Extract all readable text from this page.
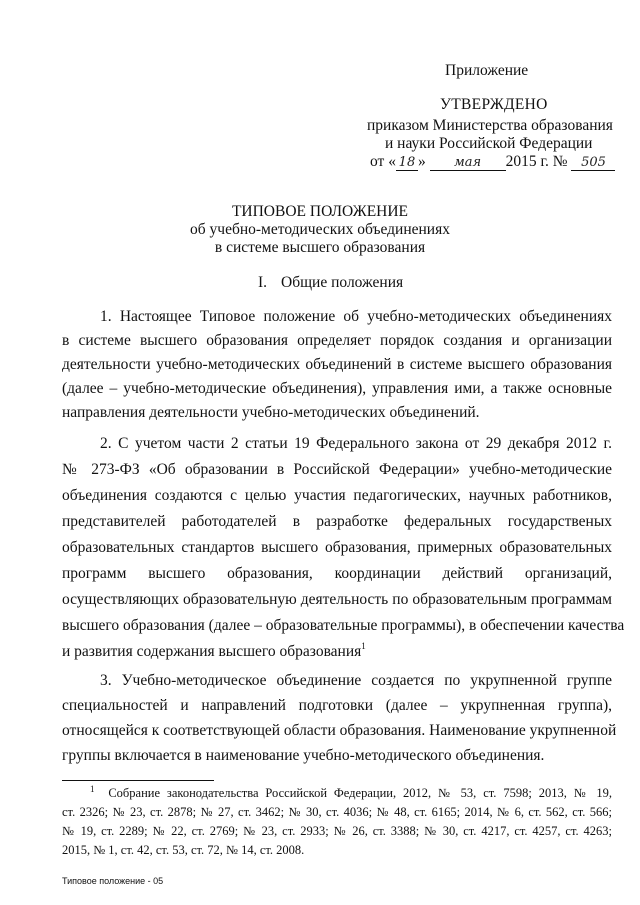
Приложение
УТВЕРЖДЕНО
приказом Министерства образования
и науки Российской Федерации
от « 18 » мая 2015 г. № 505
ТИПОВОЕ ПОЛОЖЕНИЕ
об учебно-методических объединениях
в системе высшего образования
I. Общие положения
1. Настоящее Типовое положение об учебно-методических объединениях
в системе высшего образования определяет порядок создания и организации
деятельности учебно-методических объединений в системе высшего образования
(далее – учебно-методические объединения), управления ими, а также основные
направления деятельности учебно-методических объединений.
2. С учетом части 2 статьи 19 Федерального закона от 29 декабря 2012 г.
№ 273-ФЗ «Об образовании в Российской Федерации» учебно-методические
объединения создаются с целью участия педагогических, научных работников,
представителей работодателей в разработке федеральных государственых
образовательных стандартов высшего образования, примерных образовательных
программ высшего образования, координации действий организаций,
осуществляющих образовательную деятельность по образовательным программам
высшего образования (далее – образовательные программы), в обеспечении качества
и развития содержания высшего образования$^1$
3. Учебно-методическое объединение создается по укрупненной группе
специальностей и направлений подготовки (далее – укрупненная группа),
относящейся к соответствующей области образования. Наименование укрупненной
группы включается в наименование учебно-методического объединения.
$^1$ Собрание законодательства Российской Федерации, 2012, № 53, ст. 7598; 2013, № 19,
ст. 2326; № 23, ст. 2878; № 27, ст. 3462; № 30, ст. 4036; № 48, ст. 6165; 2014, № 6, ст. 562, ст. 566;
№ 19, ст. 2289; № 22, ст. 2769; № 23, ст. 2933; № 26, ст. 3388; № 30, ст. 4217, ст. 4257, ст. 4263;
2015, № 1, ст. 42, ст. 53, ст. 72, № 14, ст. 2008.
Типовое положение - 05
